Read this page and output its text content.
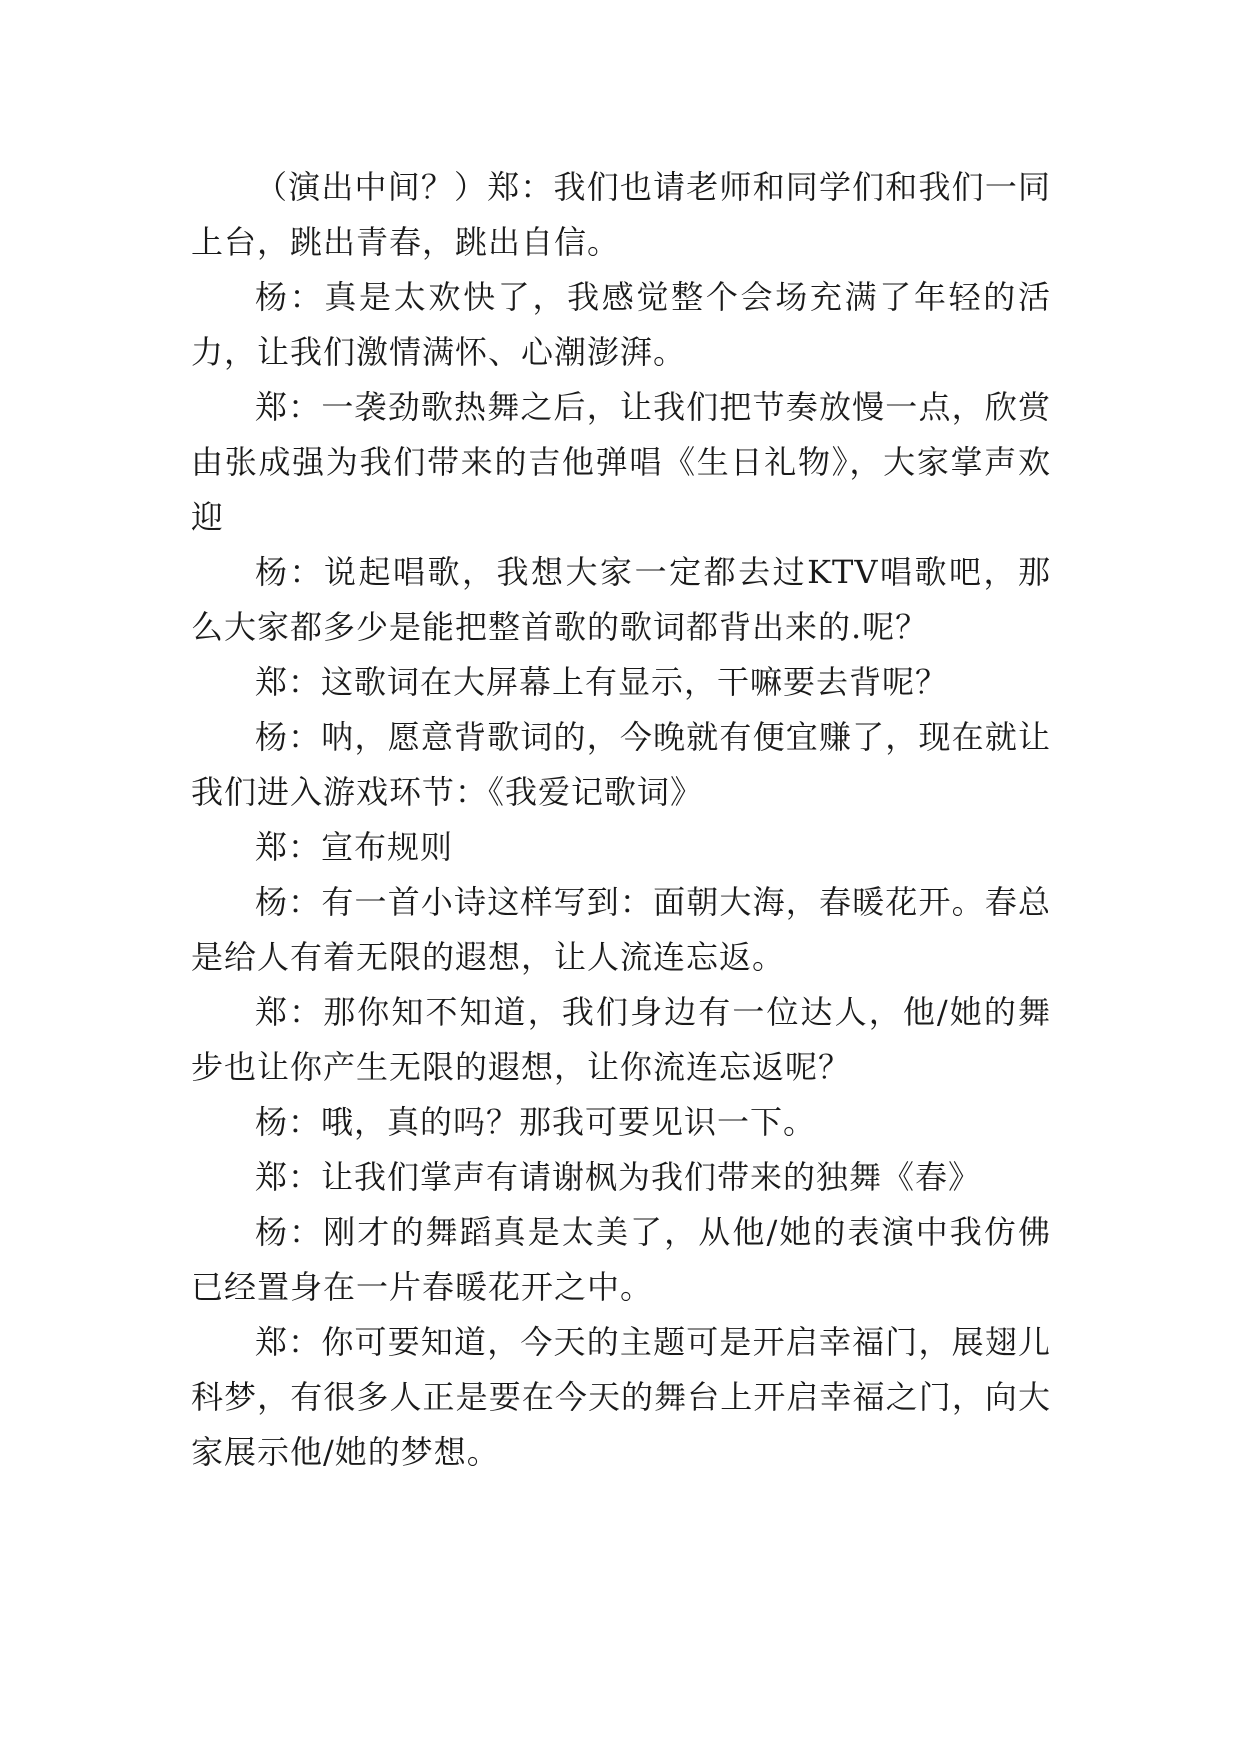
（演出中间？）郑：我们也请老师和同学们和我们一同上台，跳出青春，跳出自信。

杨：真是太欢快了，我感觉整个会场充满了年轻的活力，让我们激情满怀、心潮澎湃。

郑：一袭劲歌热舞之后，让我们把节奏放慢一点，欣赏由张成强为我们带来的吉他弹唱《生日礼物》，大家掌声欢迎

杨：说起唱歌，我想大家一定都去过KTV唱歌吧，那么大家都多少是能把整首歌的歌词都背出来的.呢？

郑：这歌词在大屏幕上有显示，干嘛要去背呢？

杨：呐，愿意背歌词的，今晚就有便宜赚了，现在就让我们进入游戏环节：《我爱记歌词》

郑：宣布规则

杨：有一首小诗这样写到：面朝大海，春暖花开。春总是给人有着无限的遐想，让人流连忘返。

郑：那你知不知道，我们身边有一位达人，他/她的舞步也让你产生无限的遐想，让你流连忘返呢？

杨：哦，真的吗？那我可要见识一下。

郑：让我们掌声有请谢枫为我们带来的独舞《春》

杨：刚才的舞蹈真是太美了，从他/她的表演中我仿佛已经置身在一片春暖花开之中。

郑：你可要知道，今天的主题可是开启幸福门，展翅儿科梦，有很多人正是要在今天的舞台上开启幸福之门，向大家展示他/她的梦想。
